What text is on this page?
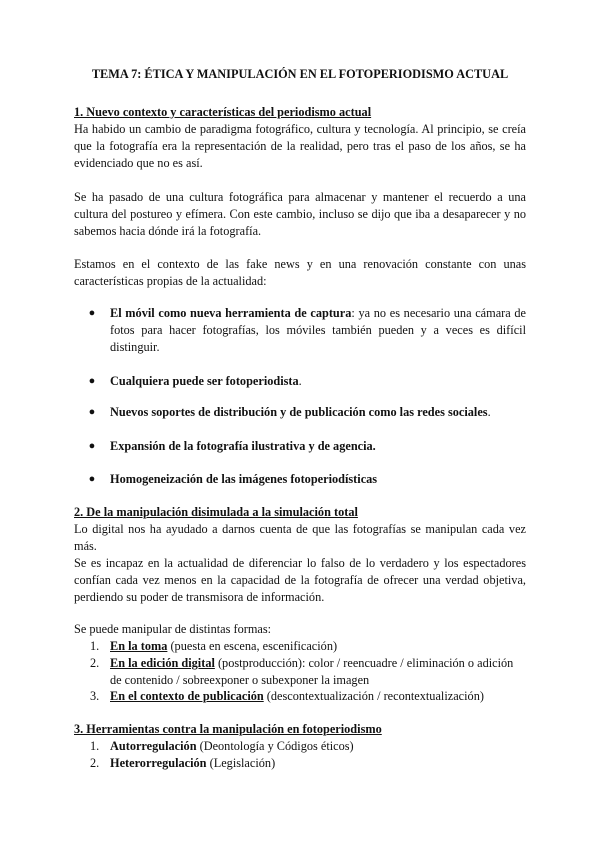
TEMA 7: ÉTICA Y MANIPULACIÓN EN EL FOTOPERIODISMO ACTUAL
1. Nuevo contexto y características del periodismo actual
Ha habido un cambio de paradigma fotográfico, cultura y tecnología. Al principio, se creía que la fotografía era la representación de la realidad, pero tras el paso de los años, se ha evidenciado que no es así.
Se ha pasado de una cultura fotográfica para almacenar y mantener el recuerdo a una cultura del postureo y efímera. Con este cambio, incluso se dijo que iba a desaparecer y no sabemos hacia dónde irá la fotografía.
Estamos en el contexto de las fake news y en una renovación constante con unas características propias de la actualidad:
● El móvil como nueva herramienta de captura: ya no es necesario una cámara de fotos para hacer fotografías, los móviles también pueden y a veces es difícil distinguir.
● Cualquiera puede ser fotoperiodista.
● Nuevos soportes de distribución y de publicación como las redes sociales.
● Expansión de la fotografía ilustrativa y de agencia.
● Homogeneización de las imágenes fotoperiodísticas
2. De la manipulación disimulada a la simulación total
Lo digital nos ha ayudado a darnos cuenta de que las fotografías se manipulan cada vez más.
Se es incapaz en la actualidad de diferenciar lo falso de lo verdadero y los espectadores confían cada vez menos en la capacidad de la fotografía de ofrecer una verdad objetiva, perdiendo su poder de transmisora de información.
Se puede manipular de distintas formas:
1. En la toma (puesta en escena, escenificación)
2. En la edición digital (postproducción): color / reencuadre / eliminación o adición de contenido / sobreexponer o subexponer la imagen
3. En el contexto de publicación (descontextualización / recontextualización)
3. Herramientas contra la manipulación en fotoperiodismo
1. Autorregulación (Deontología y Códigos éticos)
2. Heterorregulación (Legislación)
